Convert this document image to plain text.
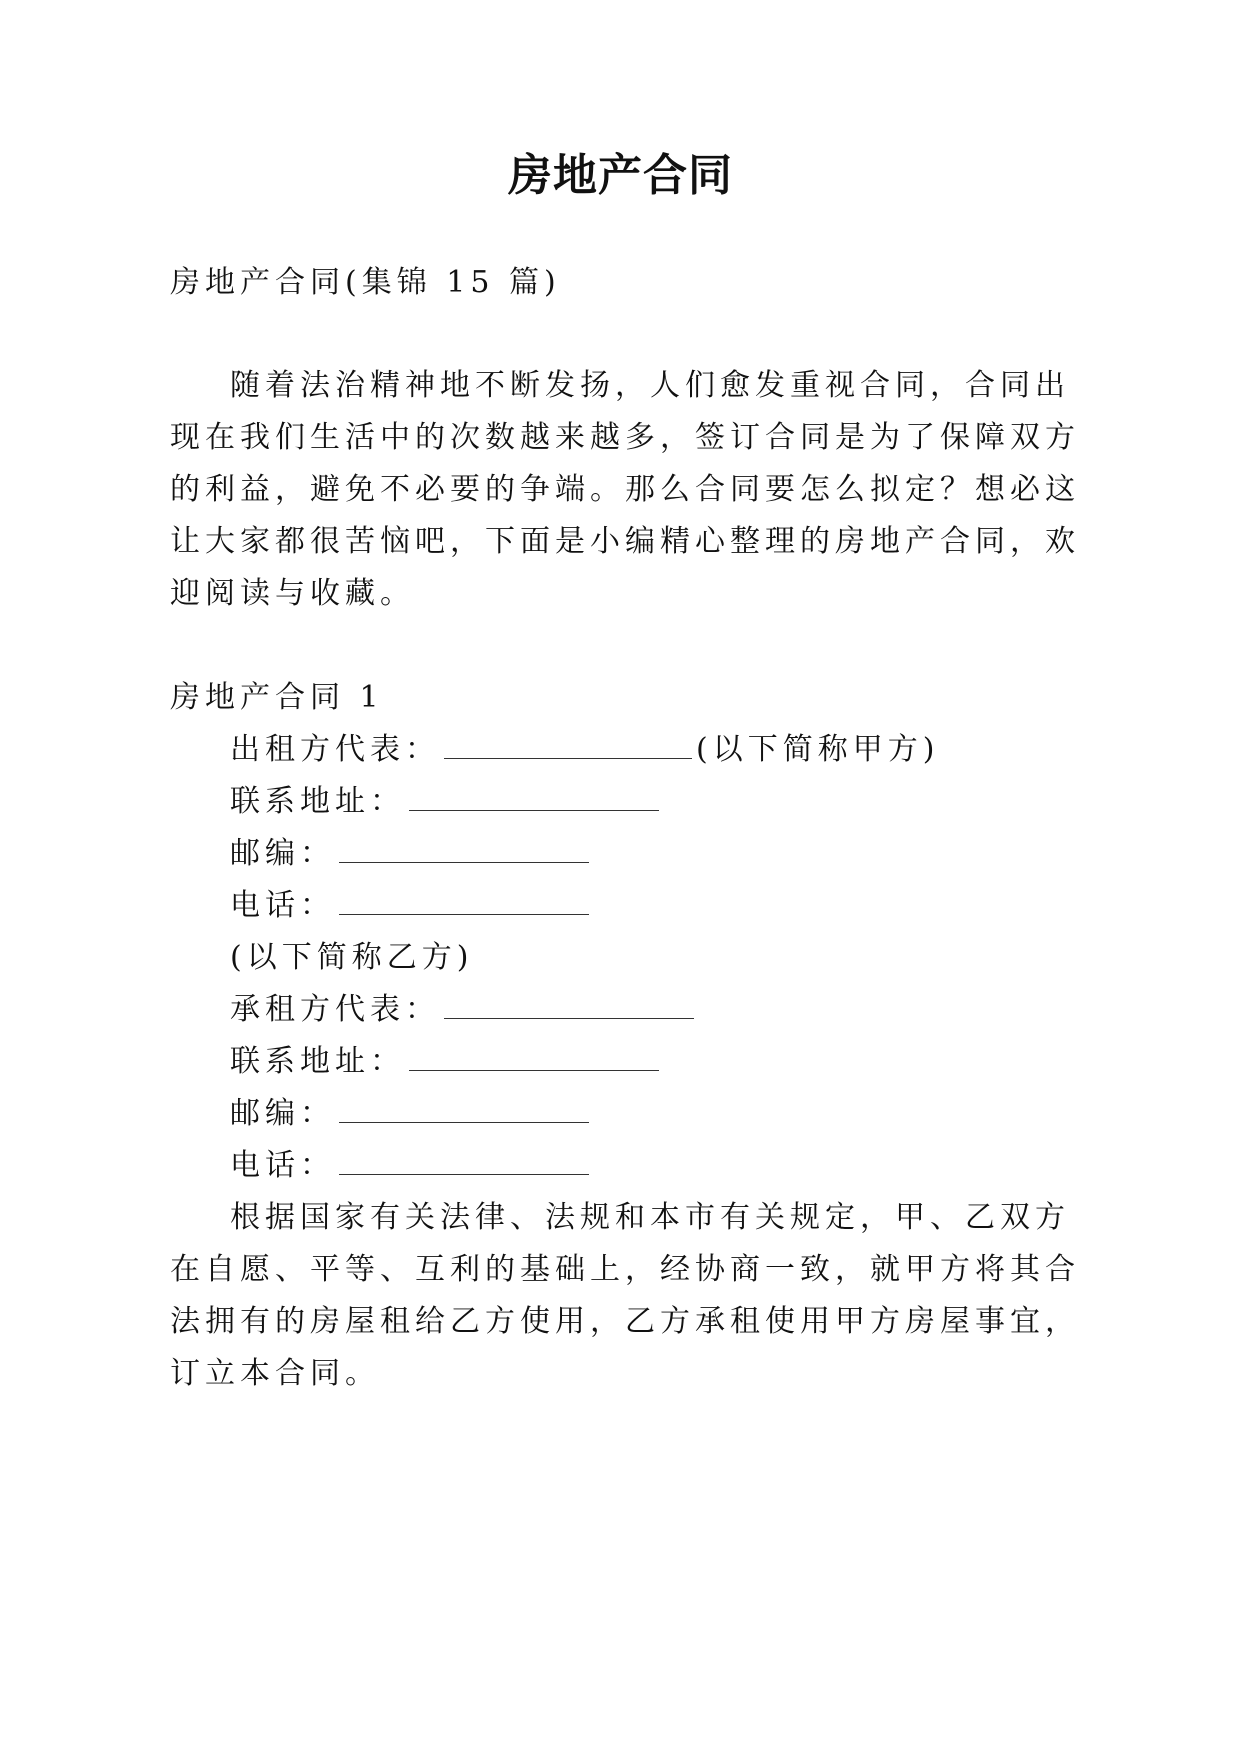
房地产合同
房地产合同(集锦 15 篇)
随着法治精神地不断发扬，人们愈发重视合同，合同出
现在我们生活中的次数越来越多，签订合同是为了保障双方
的利益，避免不必要的争端。那么合同要怎么拟定？想必这
让大家都很苦恼吧，下面是小编精心整理的房地产合同，欢
迎阅读与收藏。
房地产合同 1
出租方代表：	(以下简称甲方)
联系地址：
邮编：
电话：
(以下简称乙方)
承租方代表：
联系地址：
邮编：
电话：
根据国家有关法律、法规和本市有关规定，甲、乙双方
在自愿、平等、互利的基础上，经协商一致，就甲方将其合
法拥有的房屋租给乙方使用，乙方承租使用甲方房屋事宜，
订立本合同。
